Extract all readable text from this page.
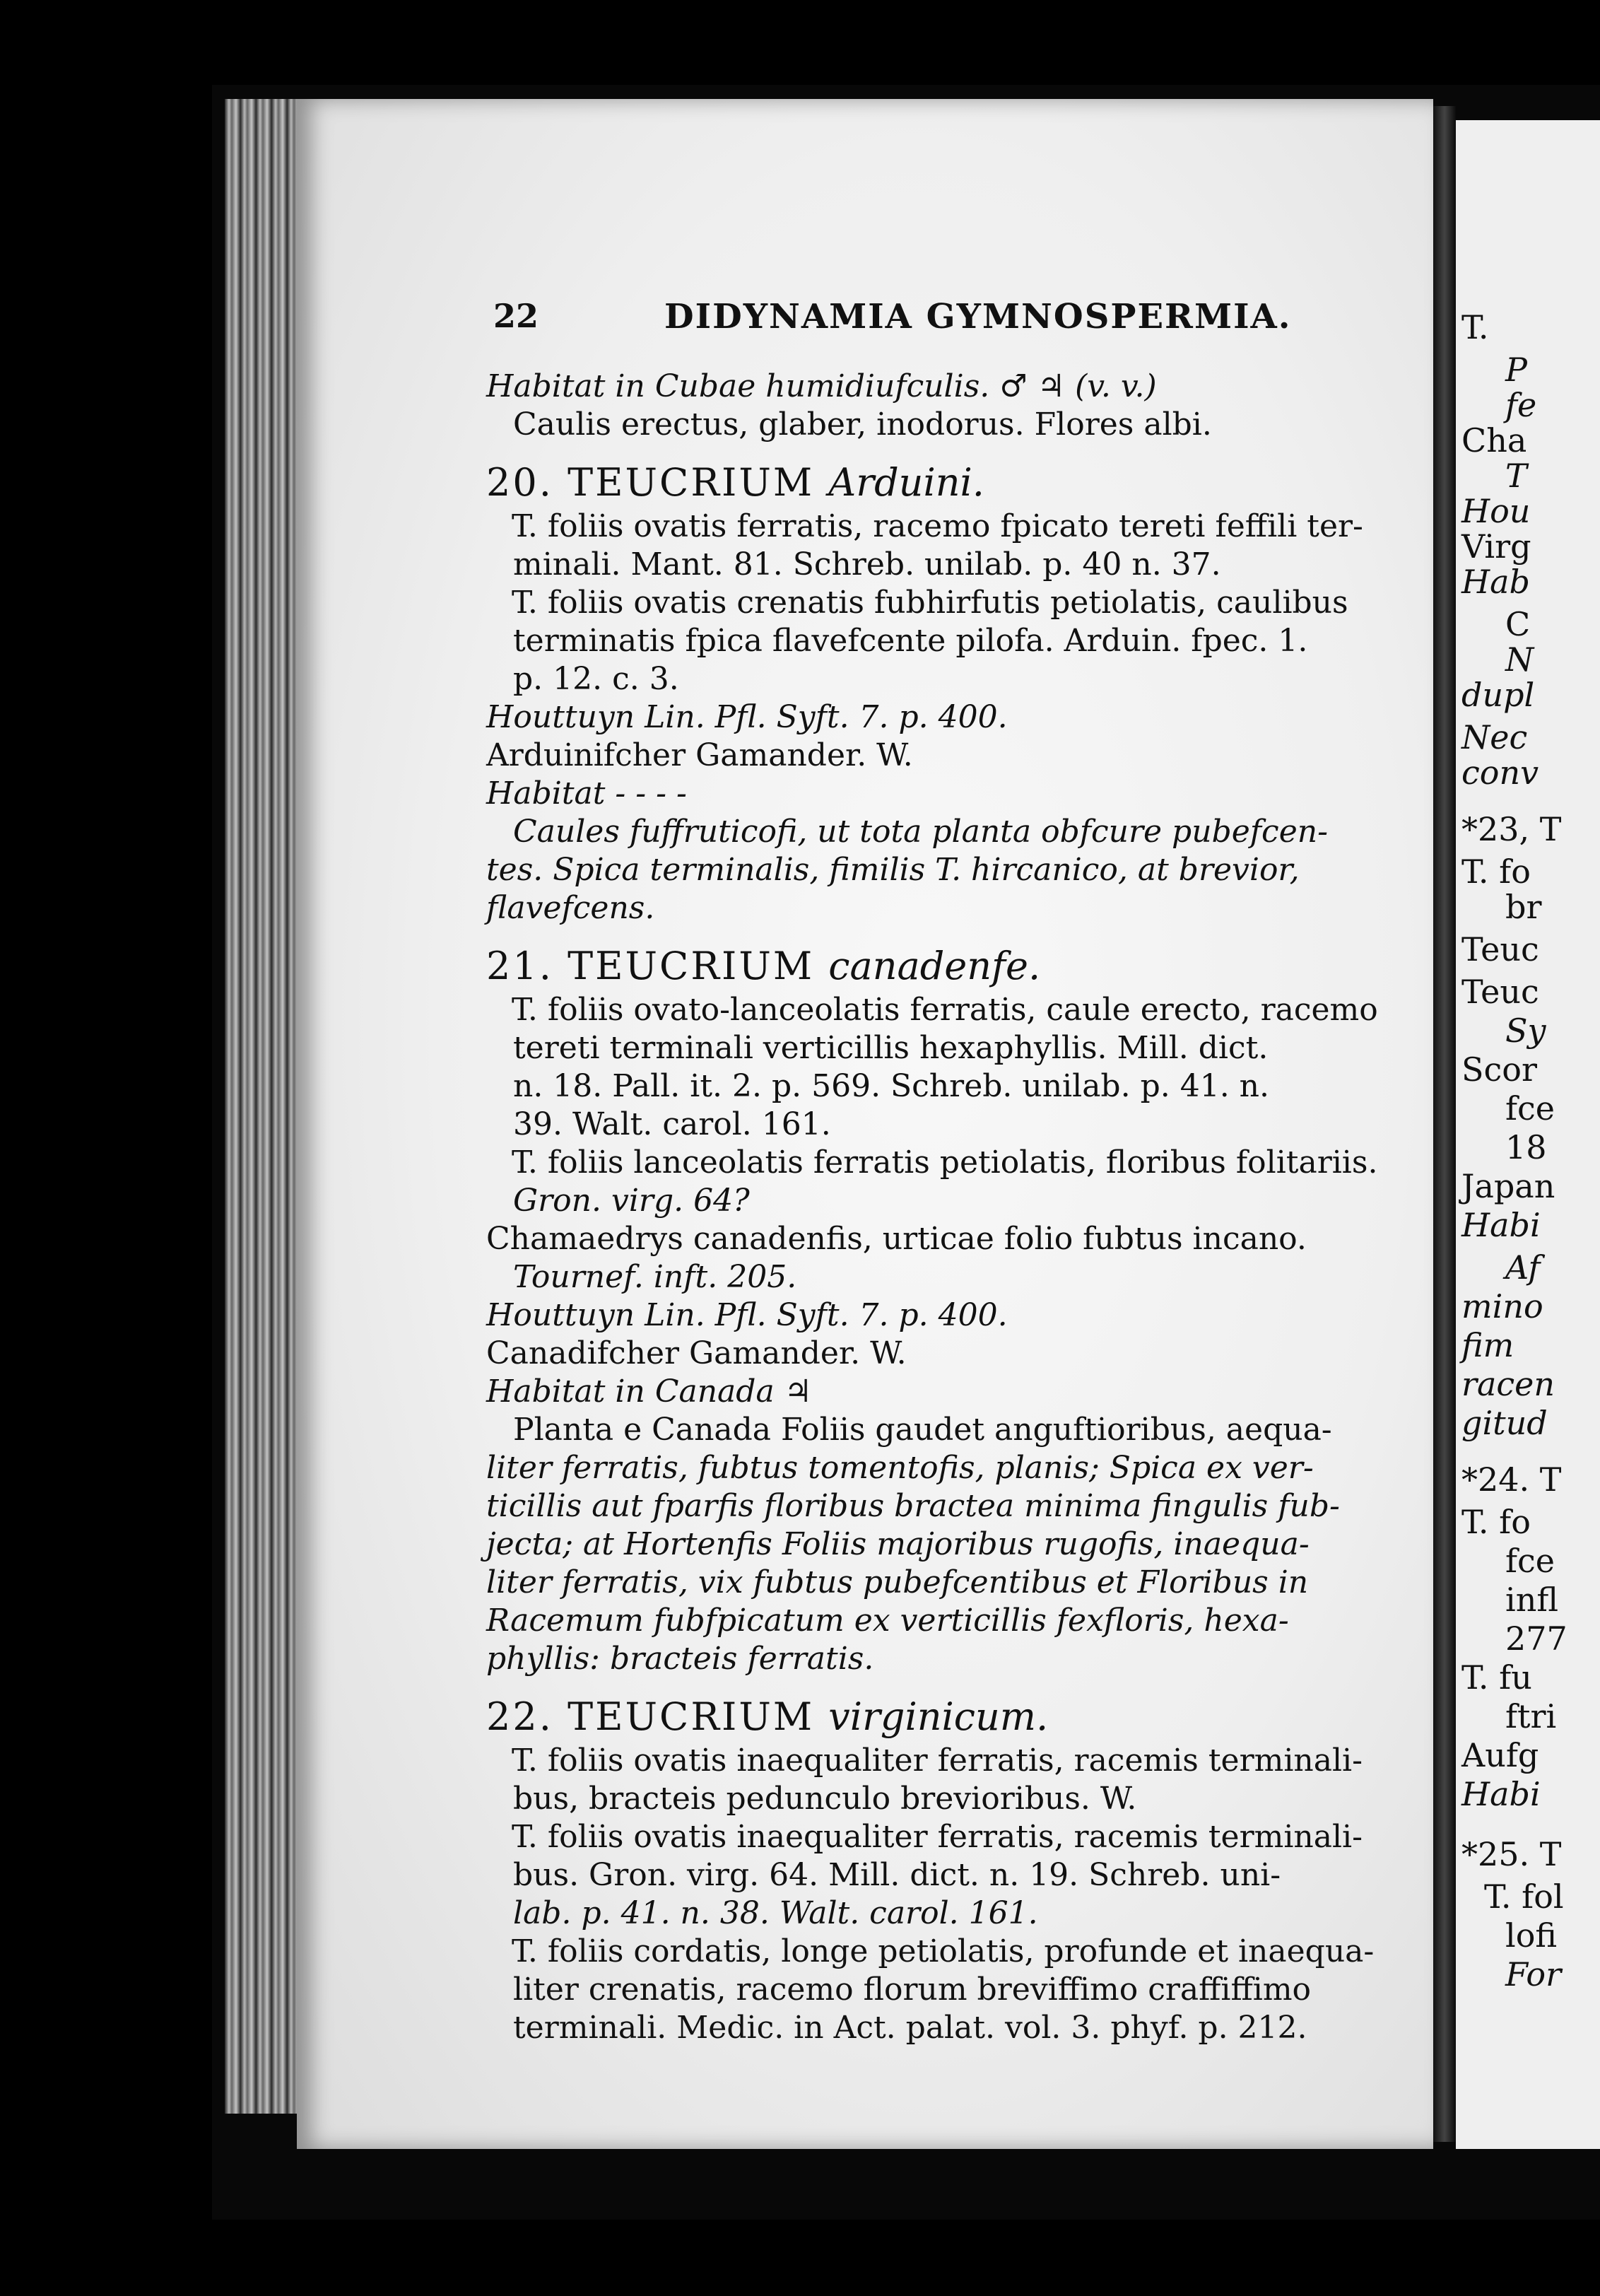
22	DIDYNAMIA GYMNOSPERMIA.
Habitat in Cubae humidiufculis. ♂ ♃ (v. v.)
Caulis erectus, glaber, inodorus. Flores albi.
20. TEUCRIUM Arduini.
T. foliis ovatis ferratis, racemo fpicato tereti feffili ter-
minali. Mant. 81. Schreb. unilab. p. 40 n. 37.
T. foliis ovatis crenatis fubhirfutis petiolatis, caulibus
terminatis fpica flavefcente pilofa. Arduin. fpec. 1.
p. 12. c. 3.
Houttuyn Lin. Pfl. Syft. 7. p. 400.
Arduinifcher Gamander. W.
Habitat - - - -
Caules fuffruticofi, ut tota planta obfcure pubefcen-
tes. Spica terminalis, fimilis T. hircanico, at brevior,
flavefcens.
21. TEUCRIUM canadenfe.
T. foliis ovato-lanceolatis ferratis, caule erecto, racemo
tereti terminali verticillis hexaphyllis. Mill. dict.
n. 18. Pall. it. 2. p. 569. Schreb. unilab. p. 41. n.
39. Walt. carol. 161.
T. foliis lanceolatis ferratis petiolatis, floribus folitariis.
Gron. virg. 64?
Chamaedrys canadenfis, urticae folio fubtus incano.
Tournef. inft. 205.
Houttuyn Lin. Pfl. Syft. 7. p. 400.
Canadifcher Gamander. W.
Habitat in Canada ♃
Planta e Canada Foliis gaudet anguftioribus, aequa-
liter ferratis, fubtus tomentofis, planis; Spica ex ver-
ticillis aut fparfis floribus bractea minima fingulis fub-
jecta; at Hortenfis Foliis majoribus rugofis, inaequa-
liter ferratis, vix fubtus pubefcentibus et Floribus in
Racemum fubfpicatum ex verticillis fexfloris, hexa-
phyllis: bracteis ferratis.
22. TEUCRIUM virginicum.
T. foliis ovatis inaequaliter ferratis, racemis terminali-
bus, bracteis pedunculo brevioribus. W.
T. foliis ovatis inaequaliter ferratis, racemis terminali-
bus. Gron. virg. 64. Mill. dict. n. 19. Schreb. uni-
lab. p. 41. n. 38. Walt. carol. 161.
T. foliis cordatis, longe petiolatis, profunde et inaequa-
liter crenatis, racemo florum breviffimo craffiffimo
terminali. Medic. in Act. palat. vol. 3. phyf. p. 212.
T.
P
fe
Cha
T
Hou
Virg
Hab
C
N
dupl
Nec
conv
*23, T
T. fo
br
Teuc
Teuc
Sy
Scor
fce
18
Japan
Habi
Af
mino
fim
racen
gitud
*24. T
T. fo
fce
infl
277
T. fu
ftri
Aufg
Habi
*25. T
T. fol
lofi
For
